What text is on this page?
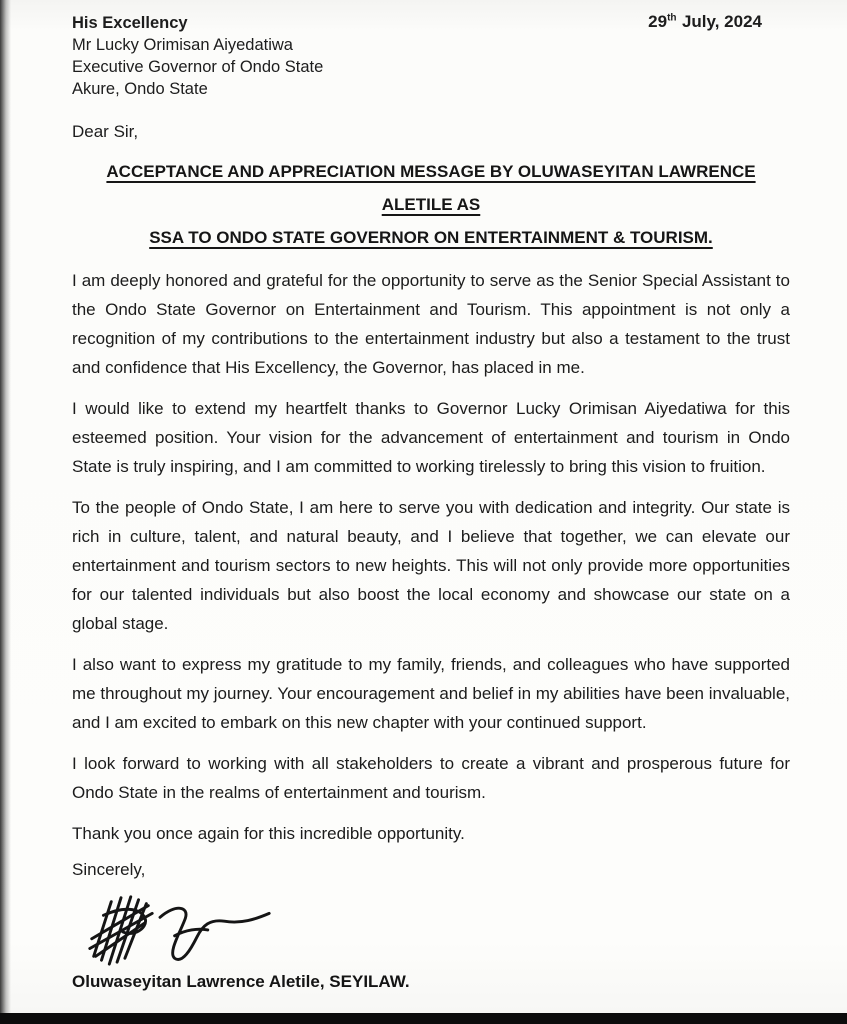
His Excellency
Mr Lucky Orimisan Aiyedatiwa
Executive Governor of Ondo State
Akure, Ondo State
29th July, 2024
Dear Sir,
ACCEPTANCE AND APPRECIATION MESSAGE BY OLUWASEYITAN LAWRENCE ALETILE AS
SSA TO ONDO STATE GOVERNOR ON ENTERTAINMENT & TOURISM.

I am deeply honored and grateful for the opportunity to serve as the Senior Special Assistant to the Ondo State Governor on Entertainment and Tourism. This appointment is not only a recognition of my contributions to the entertainment industry but also a testament to the trust and confidence that His Excellency, the Governor, has placed in me.

I would like to extend my heartfelt thanks to Governor Lucky Orimisan Aiyedatiwa for this esteemed position. Your vision for the advancement of entertainment and tourism in Ondo State is truly inspiring, and I am committed to working tirelessly to bring this vision to fruition.

To the people of Ondo State, I am here to serve you with dedication and integrity. Our state is rich in culture, talent, and natural beauty, and I believe that together, we can elevate our entertainment and tourism sectors to new heights. This will not only provide more opportunities for our talented individuals but also boost the local economy and showcase our state on a global stage.

I also want to express my gratitude to my family, friends, and colleagues who have supported me throughout my journey. Your encouragement and belief in my abilities have been invaluable, and I am excited to embark on this new chapter with your continued support.

I look forward to working with all stakeholders to create a vibrant and prosperous future for Ondo State in the realms of entertainment and tourism.

Thank you once again for this incredible opportunity.

Sincerely,
Oluwaseyitan Lawrence Aletile, SEYILAW.
